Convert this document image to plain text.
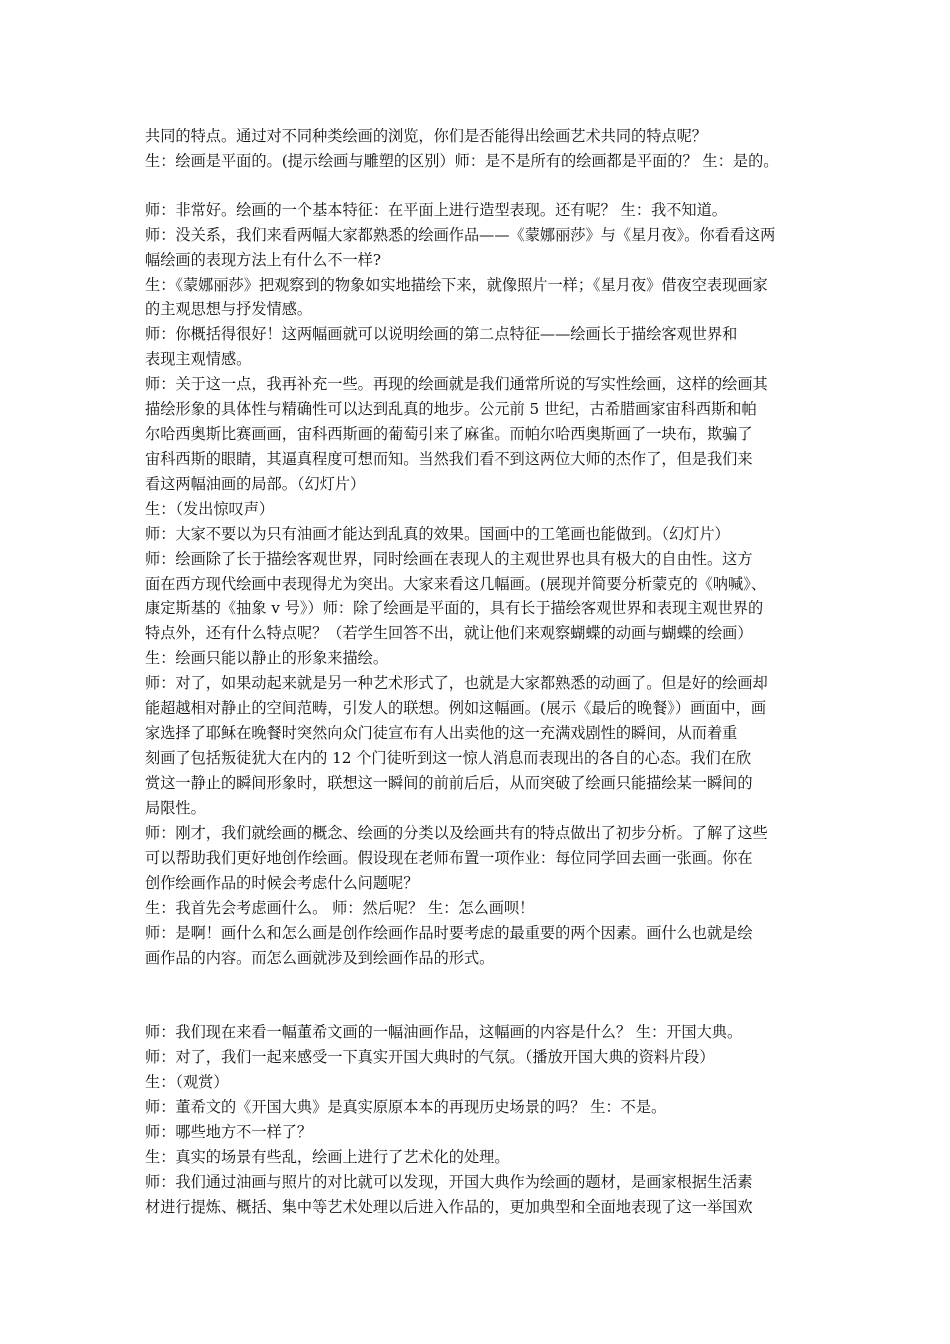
共同的特点。通过对不同种类绘画的浏览，你们是否能得出绘画艺术共同的特点呢？
生：绘画是平面的。(提示绘画与雕塑的区别）师：是不是所有的绘画都是平面的？ 生：是的。
师：非常好。绘画的一个基本特征：在平面上进行造型表现。还有呢？ 生：我不知道。
师：没关系，我们来看两幅大家都熟悉的绘画作品——《蒙娜丽莎》与《星月夜》。你看看这两
幅绘画的表现方法上有什么不一样?
生：《蒙娜丽莎》把观察到的物象如实地描绘下来，就像照片一样；《星月夜》借夜空表现画家
的主观思想与抒发情感。
师：你概括得很好！这两幅画就可以说明绘画的第二点特征——绘画长于描绘客观世界和
表现主观情感。
师：关于这一点，我再补充一些。再现的绘画就是我们通常所说的写实性绘画，这样的绘画其
描绘形象的具体性与精确性可以达到乱真的地步。公元前 5 世纪，古希腊画家宙科西斯和帕
尔哈西奥斯比赛画画，宙科西斯画的葡萄引来了麻雀。而帕尔哈西奥斯画了一块布，欺骗了
宙科西斯的眼睛，其逼真程度可想而知。当然我们看不到这两位大师的杰作了，但是我们来
看这两幅油画的局部。（幻灯片）
生：（发出惊叹声）
师：大家不要以为只有油画才能达到乱真的效果。国画中的工笔画也能做到。（幻灯片）
师：绘画除了长于描绘客观世界，同时绘画在表现人的主观世界也具有极大的自由性。这方
面在西方现代绘画中表现得尤为突出。大家来看这几幅画。(展现并简要分析蒙克的《呐喊》、
康定斯基的《抽象 v 号》）师：除了绘画是平面的，具有长于描绘客观世界和表现主观世界的
特点外，还有什么特点呢？（若学生回答不出，就让他们来观察蝴蝶的动画与蝴蝶的绘画）
生：绘画只能以静止的形象来描绘。
师：对了，如果动起来就是另一种艺术形式了，也就是大家都熟悉的动画了。但是好的绘画却
能超越相对静止的空间范畴，引发人的联想。例如这幅画。(展示《最后的晚餐》）画面中，画
家选择了耶稣在晚餐时突然向众门徒宣布有人出卖他的这一充满戏剧性的瞬间，从而着重
刻画了包括叛徒犹大在内的 12 个门徒听到这一惊人消息而表现出的各自的心态。我们在欣
赏这一静止的瞬间形象时，联想这一瞬间的前前后后，从而突破了绘画只能描绘某一瞬间的
局限性。
师：刚才，我们就绘画的概念、绘画的分类以及绘画共有的特点做出了初步分析。了解了这些
可以帮助我们更好地创作绘画。假设现在老师布置一项作业：每位同学回去画一张画。你在
创作绘画作品的时候会考虑什么问题呢？
生：我首先会考虑画什么。 师：然后呢？ 生：怎么画呗！
师：是啊！画什么和怎么画是创作绘画作品时要考虑的最重要的两个因素。画什么也就是绘
画作品的内容。而怎么画就涉及到绘画作品的形式。
师：我们现在来看一幅董希文画的一幅油画作品，这幅画的内容是什么？ 生：开国大典。
师：对了，我们一起来感受一下真实开国大典时的气氛。（播放开国大典的资料片段）
生：（观赏）
师：董希文的《开国大典》是真实原原本本的再现历史场景的吗？ 生：不是。
师：哪些地方不一样了？
生：真实的场景有些乱，绘画上进行了艺术化的处理。
师：我们通过油画与照片的对比就可以发现，开国大典作为绘画的题材，是画家根据生活素
材进行提炼、概括、集中等艺术处理以后进入作品的，更加典型和全面地表现了这一举国欢
